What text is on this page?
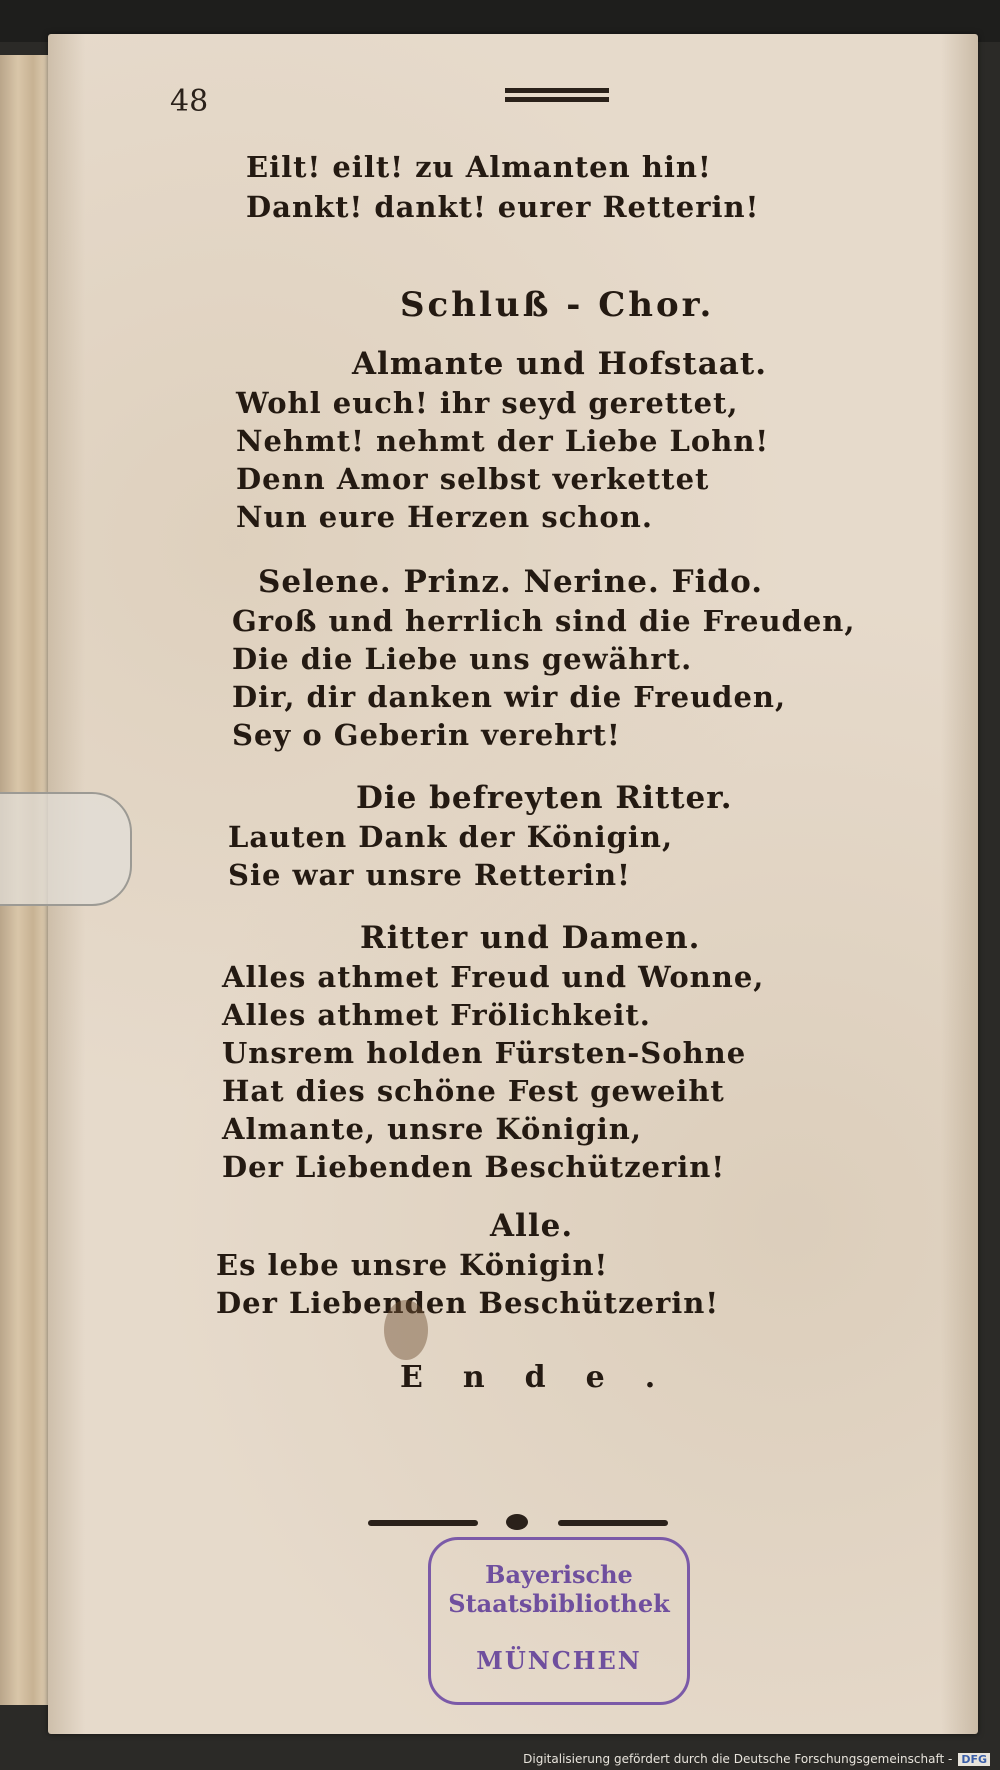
48
Eilt! eilt! zu Almanten hin!
Dankt! dankt! eurer Retterin!
Schluß - Chor.
Almante und Hofstaat.
Wohl euch! ihr seyd gerettet,
Nehmt! nehmt der Liebe Lohn!
Denn Amor selbst verkettet
Nun eure Herzen schon.
Selene. Prinz. Nerine. Fido.
Groß und herrlich sind die Freuden,
Die die Liebe uns gewährt.
Dir, dir danken wir die Freuden,
Sey o Geberin verehrt!
Die befreyten Ritter.
Lauten Dank der Königin,
Sie war unsre Retterin!
Ritter und Damen.
Alles athmet Freud und Wonne,
Alles athmet Frölichkeit.
Unsrem holden Fürsten-Sohne
Hat dies schöne Fest geweiht
Almante, unsre Königin,
Der Liebenden Beschützerin!
Alle.
Es lebe unsre Königin!
Der Liebenden Beschützerin!
Ende.
Bayerische
Staatsbibliothek
MÜNCHEN
Digitalisierung gefördert durch die Deutsche Forschungsgemeinschaft - DFG
